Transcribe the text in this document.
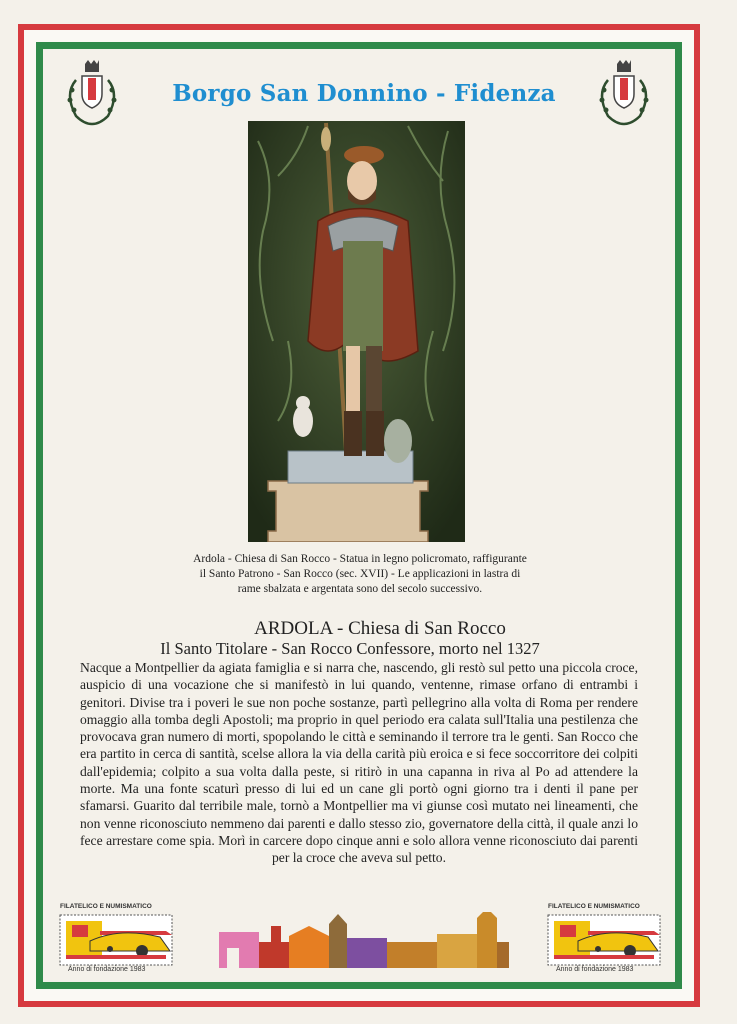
Borgo San Donnino - Fidenza
Ardola - Chiesa di San Rocco - Statua in legno policromato, raffigurante
il Santo Patrono - San Rocco (sec. XVII) - Le applicazioni in lastra di
rame sbalzata e argentata sono del secolo successivo.
ARDOLA - Chiesa di San Rocco
Il Santo Titolare - San Rocco Confessore, morto nel 1327
Nacque a Montpellier da agiata famiglia e si narra che, nascendo, gli restò sul petto una piccola croce, auspicio di una vocazione che si manifestò in lui quando, ventenne, rimase orfano di entrambi i genitori. Divise tra i poveri le sue non poche sostanze, partì pellegrino alla volta di Roma per rendere omaggio alla tomba degli Apostoli; ma proprio in quel periodo era calata sull'Italia una pestilenza che provocava gran numero di morti, spopolando le città e seminando il terrore tra le genti. San Rocco che era partito in cerca di santità, scelse allora la via della carità più eroica e si fece soccorritore dei colpiti dall'epidemia; colpito a sua volta dalla peste, si ritirò in una capanna in riva al Po ad attendere la morte. Ma una fonte scaturì presso di lui ed un cane gli portò ogni giorno tra i denti il pane per sfamarsi. Guarito dal terribile male, tornò a Montpellier ma vi giunse così mutato nei lineamenti, che non venne riconosciuto nemmeno dai parenti e dallo stesso zio, governatore della città, il quale anzi lo fece arrestare come spia. Morì in carcere dopo cinque anni e solo allora venne riconosciuto dai parenti per la croce che aveva sul petto.
FILATELICO E NUMISMATICO
Anno di fondazione 1983
FILATELICO E NUMISMATICO
Anno di fondazione 1983
